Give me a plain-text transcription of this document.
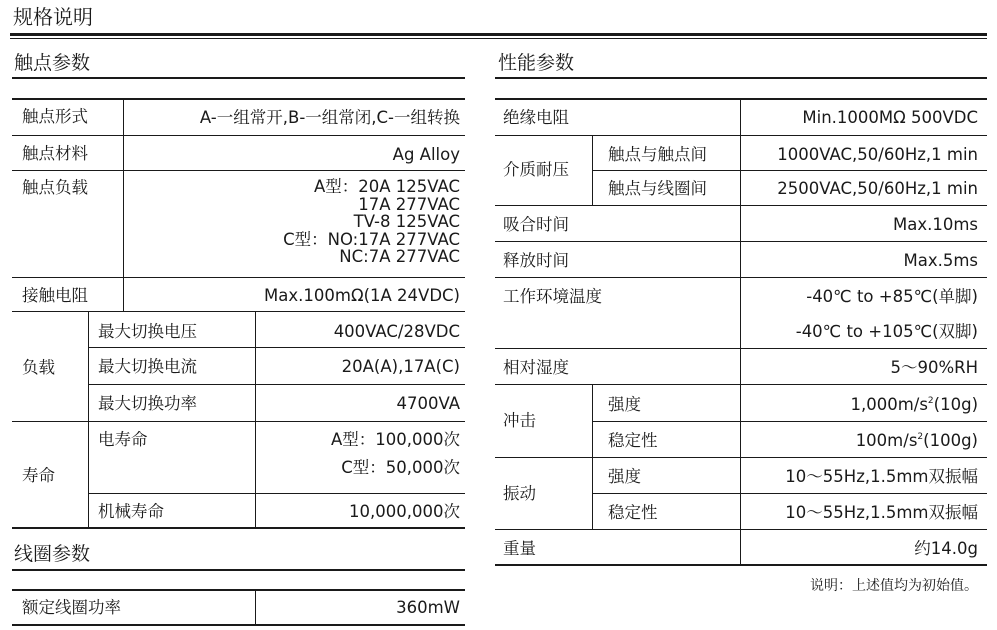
规格说明
触点参数
触点形式	A-一组常开,B-一组常闭,C-一组转换
触点材料	Ag Alloy
触点负载	A型：20A 125VAC
17A 277VAC
TV-8 125VAC
C型：NO:17A 277VAC
NC:7A 277VAC
接触电阻	Max.100mΩ(1A 24VDC)
负载
最大切换电压	400VAC/28VDC
最大切换电流	20A(A),17A(C)
最大切换功率	4700VA
寿命
电寿命	A型：100,000次
C型：50,000次
机械寿命	10,000,000次
线圈参数
额定线圈功率	360mW
性能参数
绝缘电阻	Min.1000MΩ 500VDC
介质耐压
触点与触点间	1000VAC,50/60Hz,1 min
触点与线圈间	2500VAC,50/60Hz,1 min
吸合时间	Max.10ms
释放时间	Max.5ms
工作环境温度	-40℃ to +85℃(单脚)
-40℃ to +105℃(双脚)
相对湿度	5～90%RH
冲击
强度	$1,000m/s^2(10g)$
稳定性	$100m/s^2(100g)$
振动
强度	10～55Hz,1.5mm双振幅
稳定性	10～55Hz,1.5mm双振幅
重量	约14.0g
说明：上述值均为初始值。
